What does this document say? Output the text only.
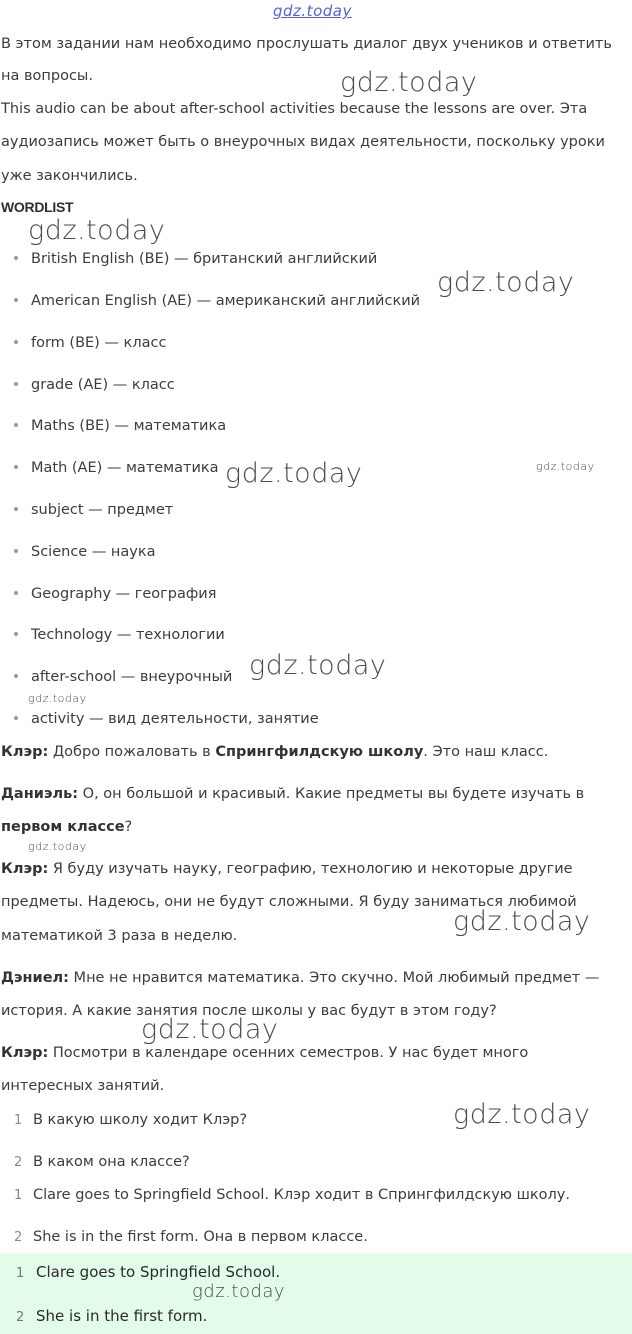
gdz.today
В этом задании нам необходимо прослушать диалог двух учеников и ответить
на вопросы.
This audio can be about after-school activities because the lessons are over. Эта
аудиозапись может быть о внеурочных видах деятельности, поскольку уроки
уже закончились.
WORDLIST
British English (BE) — британский английский
American English (AE) — американский английский
form (BE) — класс
grade (AE) — класс
Maths (BE) — математика
Math (AE) — математика
subject — предмет
Science — наука
Geography — география
Technology — технологии
after-school — внеурочный
activity — вид деятельности, занятие
Клэр: Добро пожаловать в Спрингфилдскую школу. Это наш класс.
Даниэль: О, он большой и красивый. Какие предметы вы будете изучать в
первом классе?
Клэр: Я буду изучать науку, географию, технологию и некоторые другие
предметы. Надеюсь, они не будут сложными. Я буду заниматься любимой
математикой 3 раза в неделю.
Дэниел: Мне не нравится математика. Это скучно. Мой любимый предмет —
история. А какие занятия после школы у вас будут в этом году?
Клэр: Посмотри в календаре осенних семестров. У нас будет много
интересных занятий.
1 В какую школу ходит Клэр?
2 В каком она классе?
1 Clare goes to Springfield School. Клэр ходит в Спрингфилдскую школу.
2 She is in the first form. Она в первом классе.
1 Clare goes to Springfield School.
2 She is in the first form.
gdz.today
gdz.today
gdz.today
gdz.today	gdz.today
gdz.today
gdz.today
gdz.today
gdz.today
gdz.today
gdz.today
gdz.today
